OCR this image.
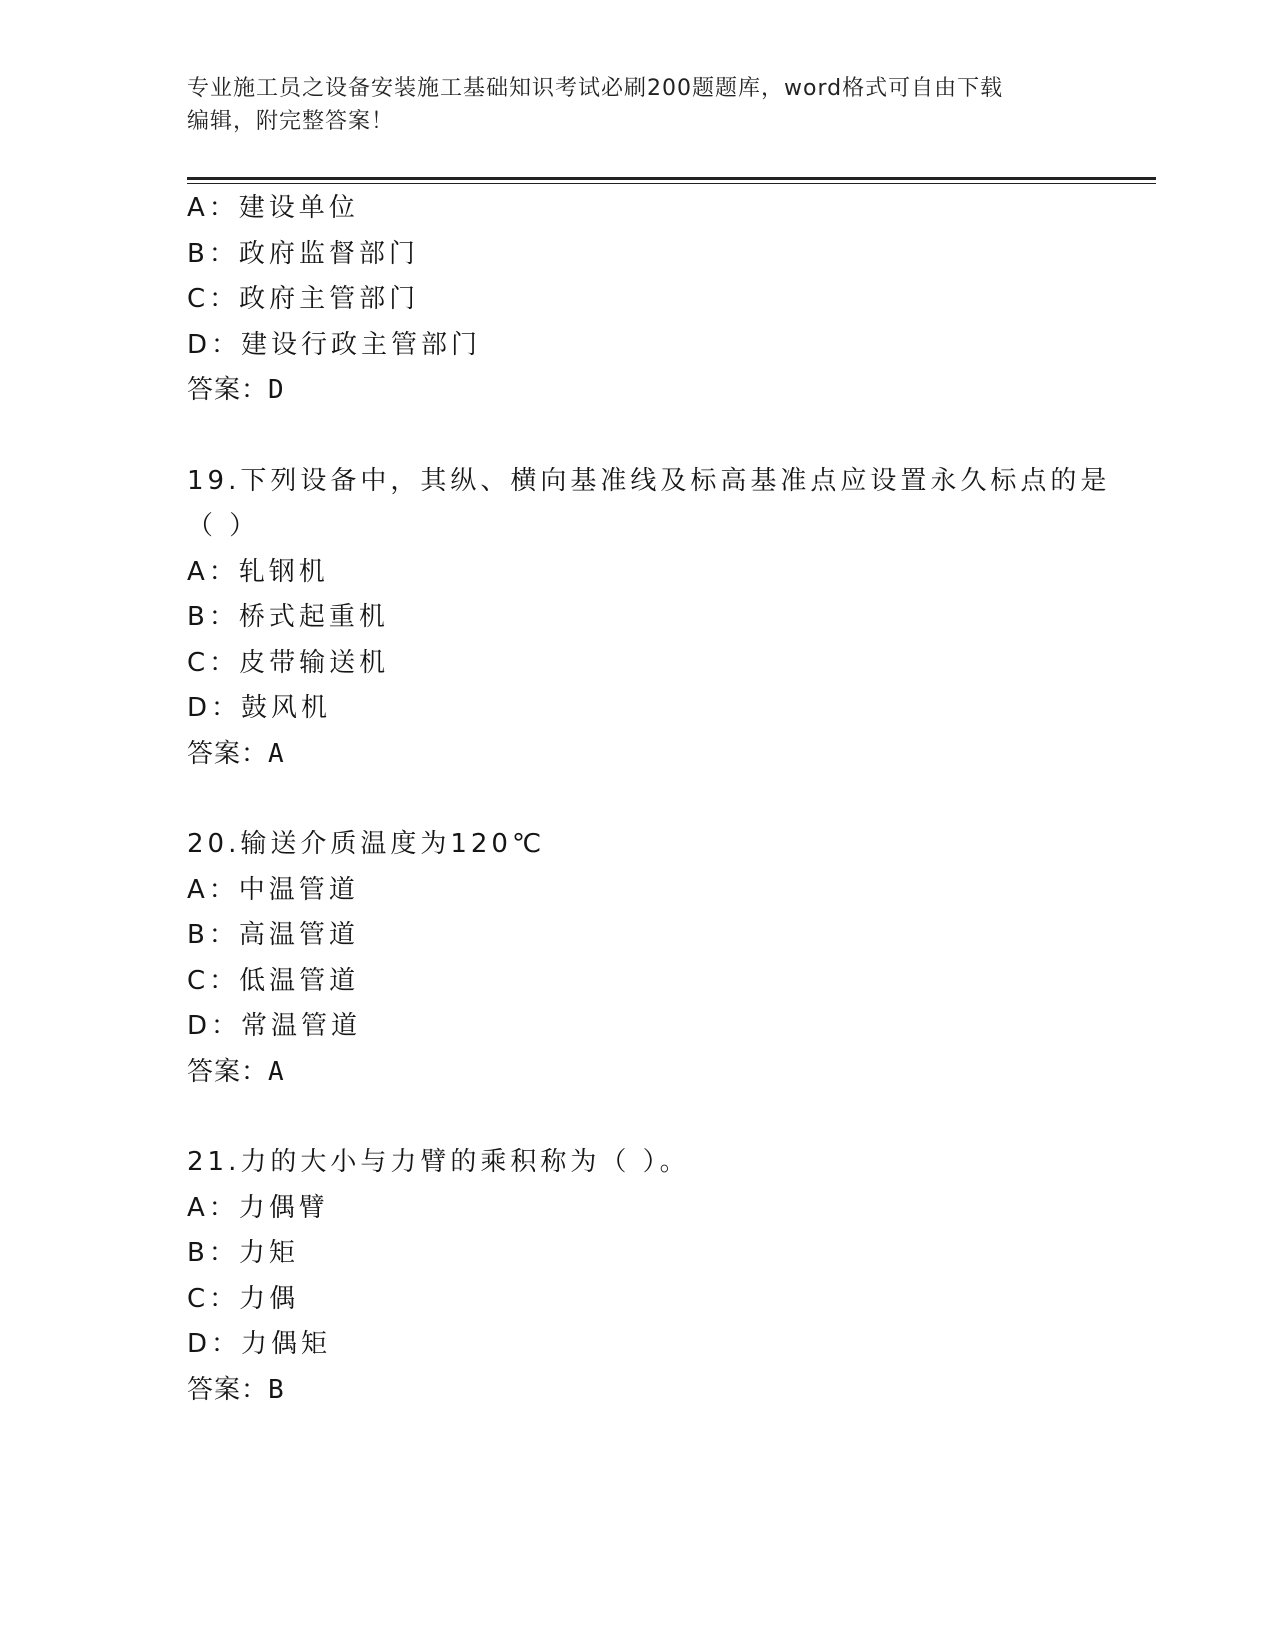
专业施工员之设备安装施工基础知识考试必刷200题题库，word格式可自由下载
编辑，附完整答案！
A：建设单位
B：政府监督部门
C：政府主管部门
D：建设行政主管部门
答案：D
19.下列设备中，其纵、横向基准线及标高基准点应设置永久标点的是
（ ）
A：轧钢机
B：桥式起重机
C：皮带输送机
D：鼓风机
答案：A
20.输送介质温度为120℃
A：中温管道
B：高温管道
C：低温管道
D：常温管道
答案：A
21.力的大小与力臂的乘积称为（ ）。
A：力偶臂
B：力矩
C：力偶
D：力偶矩
答案：B
